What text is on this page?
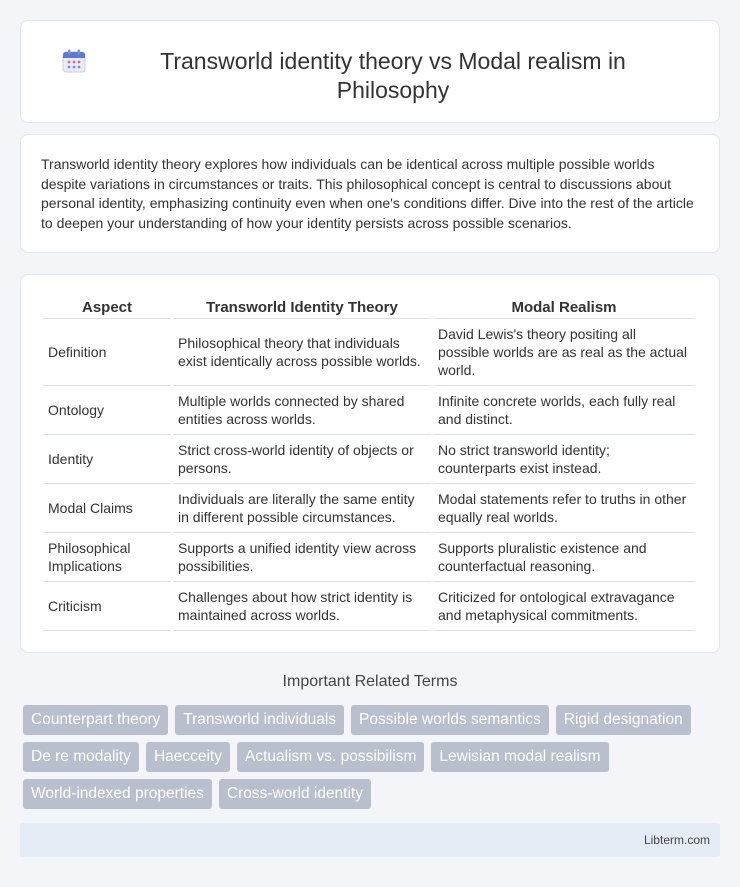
Transworld identity theory vs Modal realism in Philosophy

Transworld identity theory explores how individuals can be identical across multiple possible worlds despite variations in circumstances or traits. This philosophical concept is central to discussions about personal identity, emphasizing continuity even when one's conditions differ. Dive into the rest of the article to deepen your understanding of how your identity persists across possible scenarios.

Aspect	Transworld Identity Theory	Modal Realism
Definition	Philosophical theory that individuals exist identically across possible worlds.	David Lewis's theory positing all possible worlds are as real as the actual world.
Ontology	Multiple worlds connected by shared entities across worlds.	Infinite concrete worlds, each fully real and distinct.
Identity	Strict cross-world identity of objects or persons.	No strict transworld identity; counterparts exist instead.
Modal Claims	Individuals are literally the same entity in different possible circumstances.	Modal statements refer to truths in other equally real worlds.
Philosophical Implications	Supports a unified identity view across possibilities.	Supports pluralistic existence and counterfactual reasoning.
Criticism	Challenges about how strict identity is maintained across worlds.	Criticized for ontological extravagance and metaphysical commitments.
Important Related Terms
Counterpart theory	Transworld individuals	Possible worlds semantics	Rigid designation
De re modality	Haecceity	Actualism vs. possibilism	Lewisian modal realism
World-indexed properties	Cross-world identity
Libterm.com
